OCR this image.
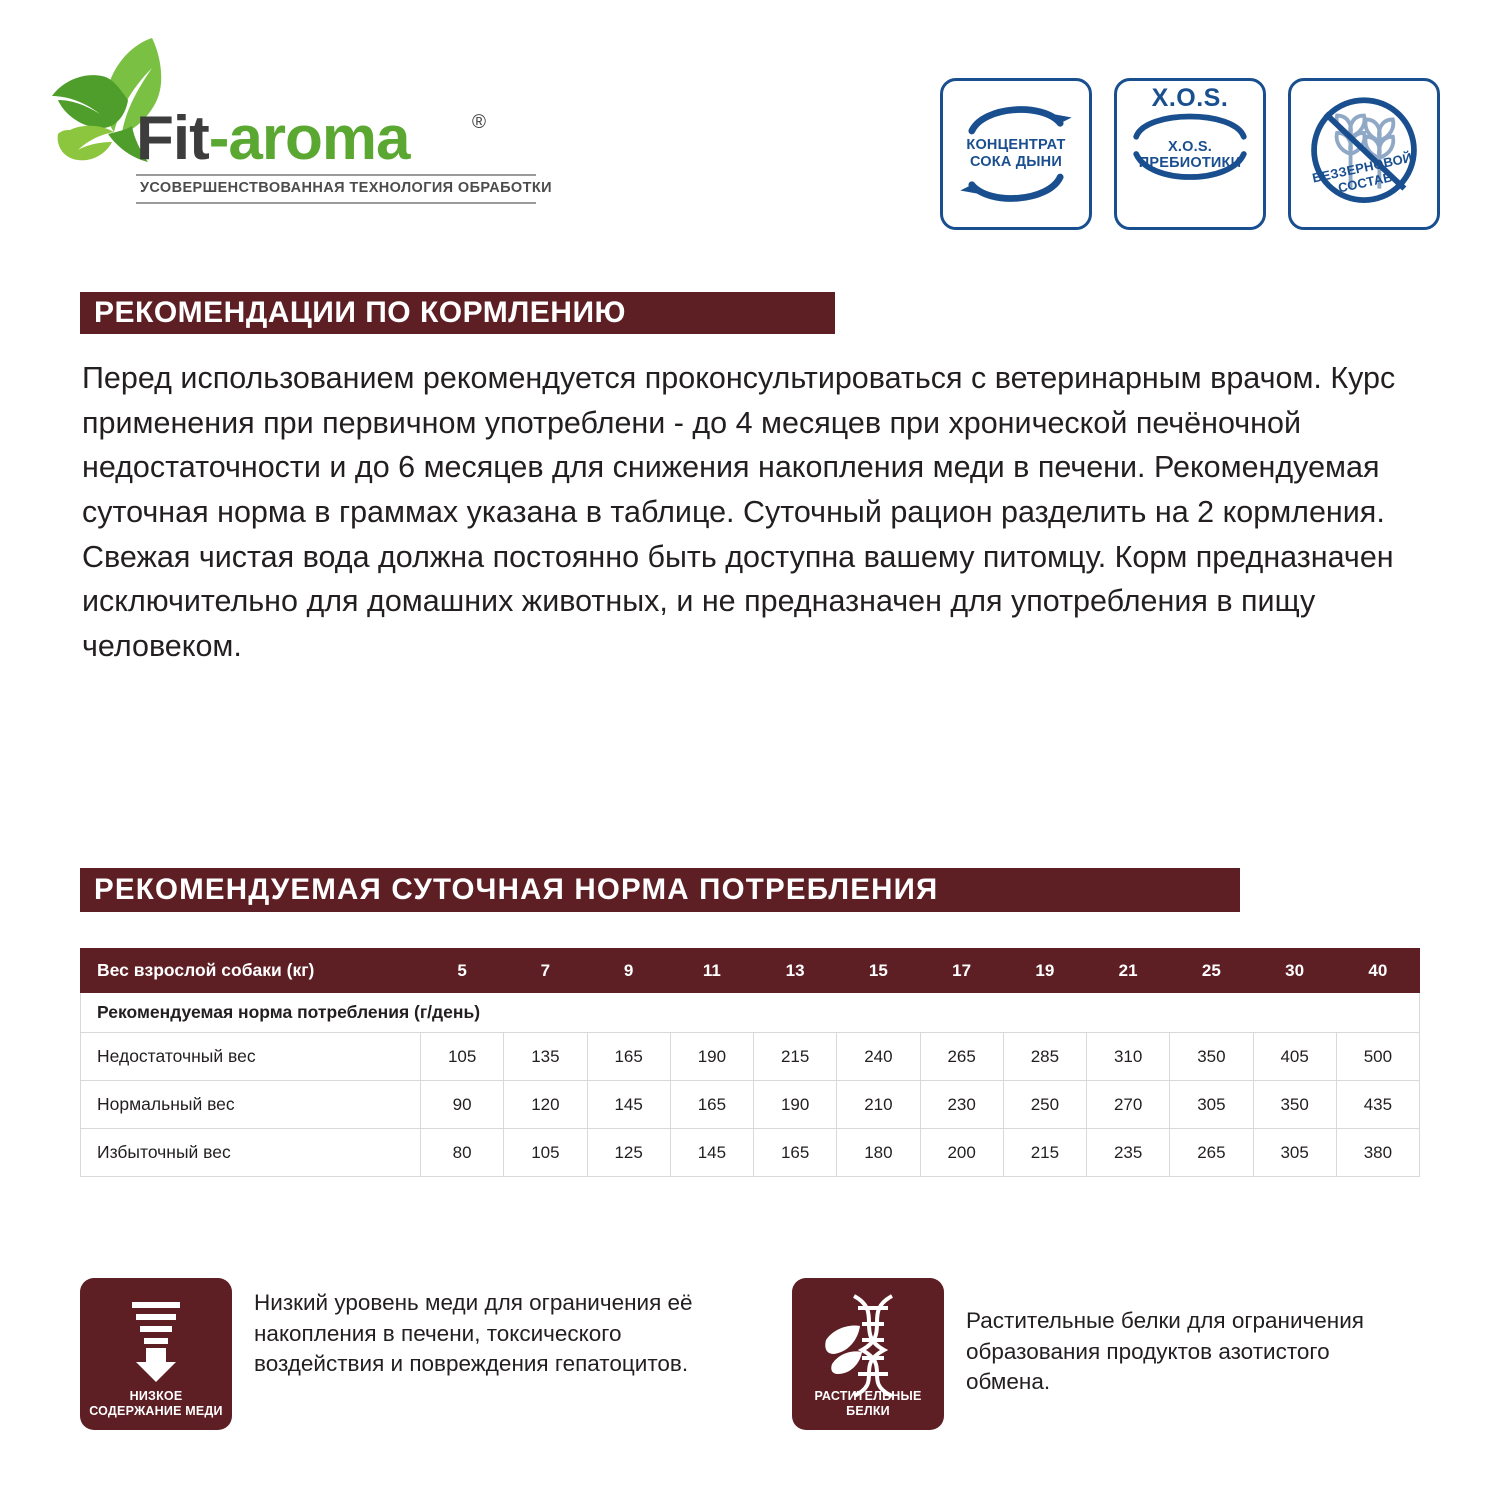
Fit-aroma	®
УСОВЕРШЕНСТВОВАННАЯ ТЕХНОЛОГИЯ ОБРАБОТКИ
КОНЦЕНТРАТ
СОКА ДЫНИ
X.O.S.
X.O.S.
ПРЕБИОТИКИ	БЕЗЗЕРНОВОЙ СОСТАВ
РЕКОМЕНДАЦИИ ПО КОРМЛЕНИЮ
Перед использованием рекомендуется проконсультироваться с ветеринарным врачом. Курс применения при первичном употреблени - до 4 месяцев при хронической печёночной недостаточности и до 6 месяцев для снижения накопления меди в печени. Рекомендуемая суточная норма в граммах указана в таблице. Суточный рацион разделить на 2 кормления. Свежая чистая вода должна постоянно быть доступна вашему питомцу. Корм предназначен исключительно для домашних животных, и не предназначен для употребления в пищу человеком.
РЕКОМЕНДУЕМАЯ СУТОЧНАЯ НОРМА ПОТРЕБЛЕНИЯ
Вес взрослой собаки (кг)	5	7	9	11	13	15	17	19	21	25	30	40
Рекомендуемая норма потребления (г/день)												
Недостаточный вес	105	135	165	190	215	240	265	285	310	350	405	500
Нормальный вес	90	120	145	165	190	210	230	250	270	305	350	435
Избыточный вес	80	105	125	145	165	180	200	215	235	265	305	380
НИЗКОЕ
СОДЕРЖАНИЕ МЕДИ
Низкий уровень меди для ограничения её накопления в печени, токсического воздействия и повреждения гепатоцитов.
РАСТИТЕЛЬНЫЕ
БЕЛКИ
Растительные белки для ограничения образования продуктов азотистого обмена.
